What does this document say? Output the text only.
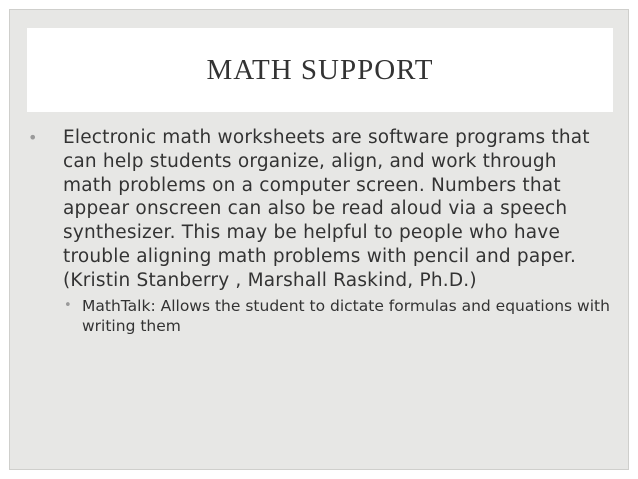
MATH SUPPORT
• Electronic math worksheets are software programs that can help students organize, align, and work through math problems on a computer screen. Numbers that appear onscreen can also be read aloud via a speech synthesizer. This may be helpful to people who have trouble aligning math problems with pencil and paper. (Kristin Stanberry , Marshall Raskind, Ph.D.)
• MathTalk: Allows the student to dictate formulas and equations with writing them
